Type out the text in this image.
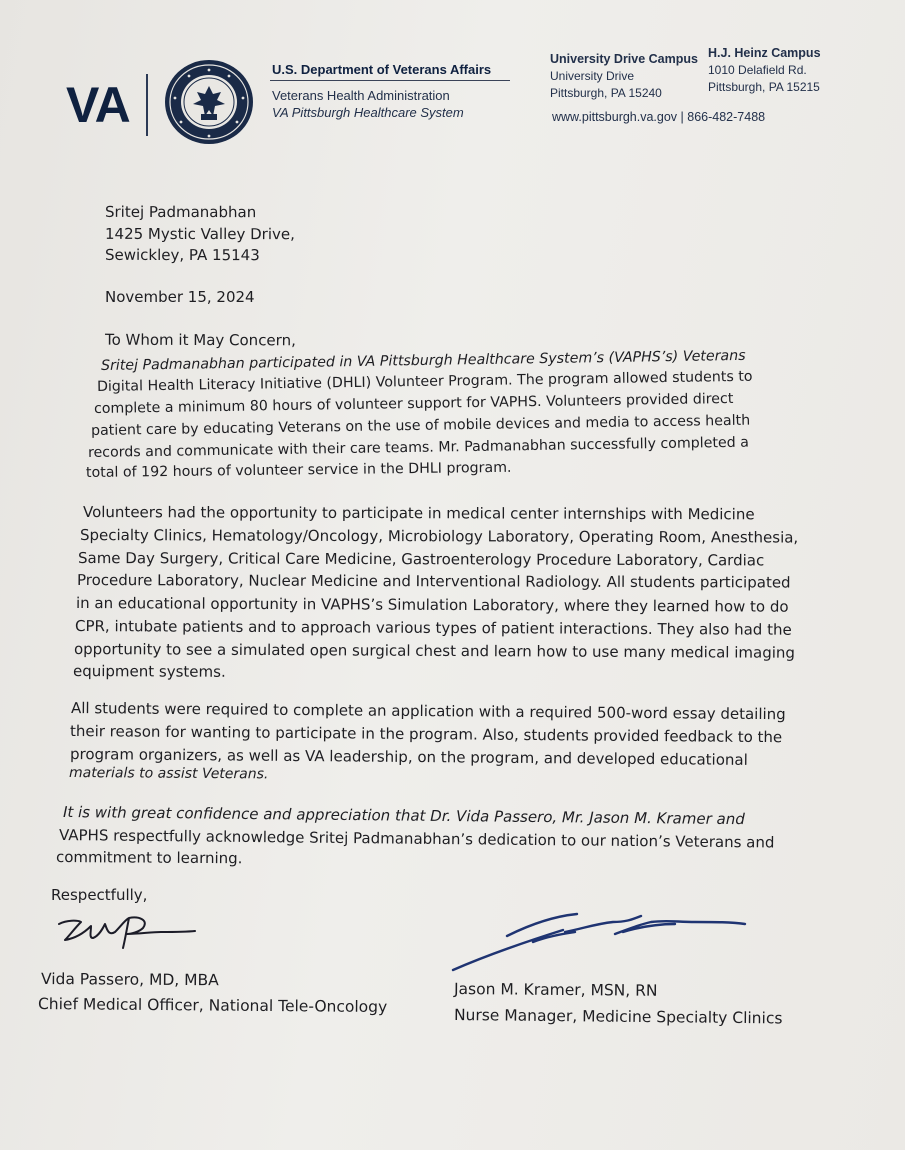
VA
U.S. Department of Veterans Affairs
Veterans Health Administration
VA Pittsburgh Healthcare System
University Drive Campus
University Drive
Pittsburgh, PA 15240
H.J. Heinz Campus
1010 Delafield Rd.
Pittsburgh, PA 15215
www.pittsburgh.va.gov | 866-482-7488
Sritej Padmanabhan
1425 Mystic Valley Drive,
Sewickley, PA 15143
November 15, 2024
To Whom it May Concern,
Sritej Padmanabhan participated in VA Pittsburgh Healthcare System’s (VAPHS’s) Veterans
Digital Health Literacy Initiative (DHLI) Volunteer Program. The program allowed students to
complete a minimum 80 hours of volunteer support for VAPHS. Volunteers provided direct
patient care by educating Veterans on the use of mobile devices and media to access health
records and communicate with their care teams. Mr. Padmanabhan successfully completed a
total of 192 hours of volunteer service in the DHLI program.
Volunteers had the opportunity to participate in medical center internships with Medicine
Specialty Clinics, Hematology/Oncology, Microbiology Laboratory, Operating Room, Anesthesia,
Same Day Surgery, Critical Care Medicine, Gastroenterology Procedure Laboratory, Cardiac
Procedure Laboratory, Nuclear Medicine and Interventional Radiology. All students participated
in an educational opportunity in VAPHS’s Simulation Laboratory, where they learned how to do
CPR, intubate patients and to approach various types of patient interactions. They also had the
opportunity to see a simulated open surgical chest and learn how to use many medical imaging
equipment systems.
All students were required to complete an application with a required 500-word essay detailing
their reason for wanting to participate in the program. Also, students provided feedback to the
program organizers, as well as VA leadership, on the program, and developed educational
materials to assist Veterans.
It is with great confidence and appreciation that Dr. Vida Passero, Mr. Jason M. Kramer and
VAPHS respectfully acknowledge Sritej Padmanabhan’s dedication to our nation’s Veterans and
commitment to learning.
Respectfully,
Vida Passero, MD, MBA
Chief Medical Officer, National Tele-Oncology
Jason M. Kramer, MSN, RN
Nurse Manager, Medicine Specialty Clinics
